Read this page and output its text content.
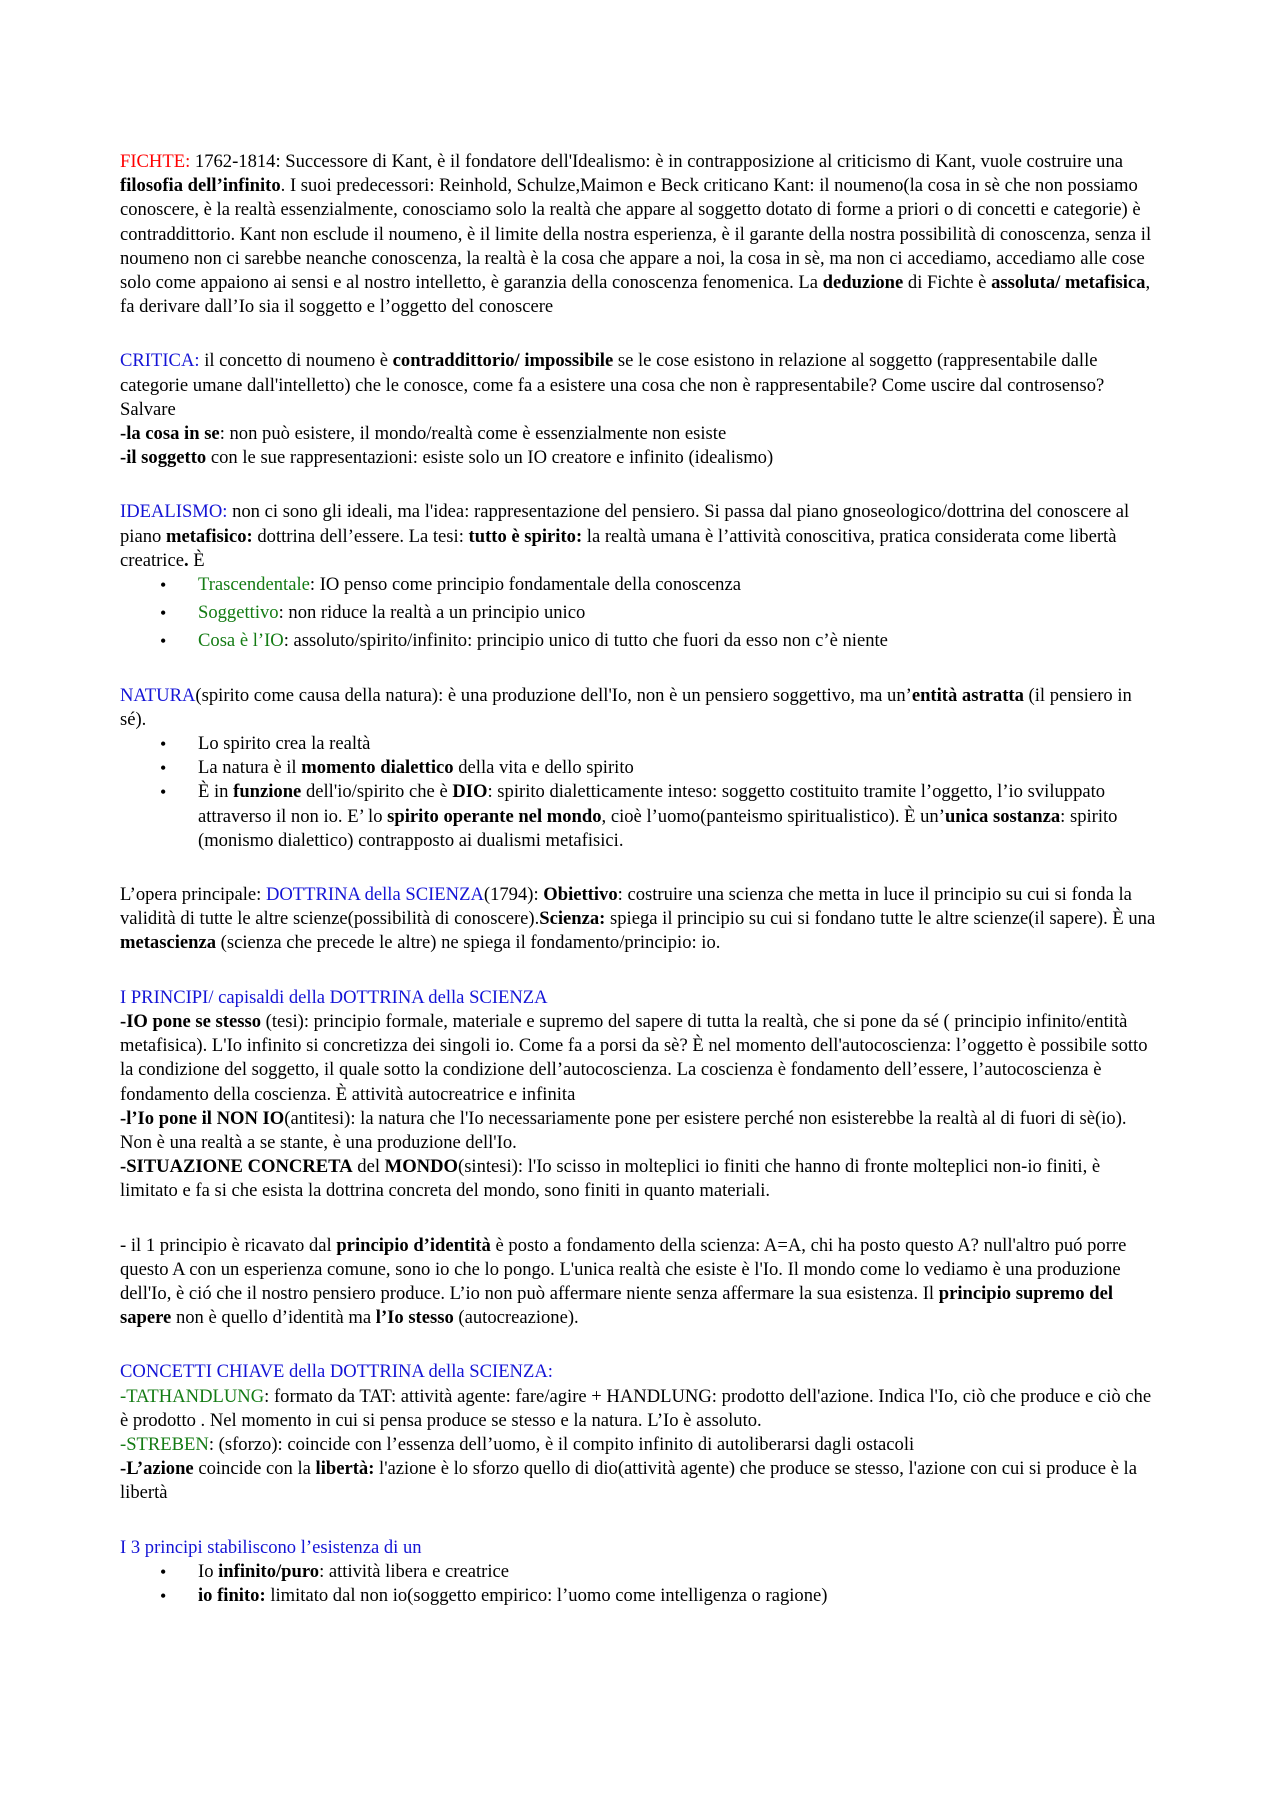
FICHTE: 1762-1814: Successore di Kant, è il fondatore dell'Idealismo: è in contrapposizione al criticismo di Kant, vuole costruire una filosofia dell’infinito. I suoi predecessori: Reinhold, Schulze,Maimon e Beck criticano Kant: il noumeno(la cosa in sè che non possiamo conoscere, è la realtà essenzialmente, conosciamo solo la realtà che appare al soggetto dotato di forme a priori o di concetti e categorie) è contraddittorio. Kant non esclude il noumeno, è il limite della nostra esperienza, è il garante della nostra possibilità di conoscenza, senza il noumeno non ci sarebbe neanche conoscenza, la realtà è la cosa che appare a noi, la cosa in sè, ma non ci accediamo, accediamo alle cose solo come appaiono ai sensi e al nostro intelletto, è garanzia della conoscenza fenomenica. La deduzione di Fichte è assoluta/ metafisica, fa derivare dall’Io sia il soggetto e l’oggetto del conoscere

CRITICA: il concetto di noumeno è contraddittorio/ impossibile se le cose esistono in relazione al soggetto (rappresentabile dalle categorie umane dall'intelletto) che le conosce, come fa a esistere una cosa che non è rappresentabile? Come uscire dal controsenso? Salvare

-la cosa in se: non può esistere, il mondo/realtà come è essenzialmente non esiste

-il soggetto con le sue rappresentazioni: esiste solo un IO creatore e infinito (idealismo)

IDEALISMO: non ci sono gli ideali, ma l'idea: rappresentazione del pensiero. Si passa dal piano gnoseologico/dottrina del conoscere al piano metafisico: dottrina dell’essere. La tesi: tutto è spirito: la realtà umana è l’attività conoscitiva, pratica considerata come libertà creatrice. È

• Trascendentale: IO penso come principio fondamentale della conoscenza
• Soggettivo: non riduce la realtà a un principio unico
• Cosa è l’IO: assoluto/spirito/infinito: principio unico di tutto che fuori da esso non c’è niente

NATURA(spirito come causa della natura): è una produzione dell'Io, non è un pensiero soggettivo, ma un’entità astratta (il pensiero in sé).

• Lo spirito crea la realtà
• La natura è il momento dialettico della vita e dello spirito
• È in funzione dell'io/spirito che è DIO: spirito dialetticamente inteso: soggetto costituito tramite l’oggetto, l’io sviluppato attraverso il non io. E’ lo spirito operante nel mondo, cioè l’uomo(panteismo spiritualistico). È un’unica sostanza: spirito (monismo dialettico) contrapposto ai dualismi metafisici.

L’opera principale: DOTTRINA della SCIENZA(1794): Obiettivo: costruire una scienza che metta in luce il principio su cui si fonda la validità di tutte le altre scienze(possibilità di conoscere).Scienza: spiega il principio su cui si fondano tutte le altre scienze(il sapere). È una metascienza (scienza che precede le altre) ne spiega il fondamento/principio: io.

I PRINCIPI/ capisaldi della DOTTRINA della SCIENZA

-IO pone se stesso (tesi): principio formale, materiale e supremo del sapere di tutta la realtà, che si pone da sé ( principio infinito/entità metafisica). L'Io infinito si concretizza dei singoli io. Come fa a porsi da sè? È nel momento dell'autocoscienza: l’oggetto è possibile sotto la condizione del soggetto, il quale sotto la condizione dell’autocoscienza. La coscienza è fondamento dell’essere, l’autocoscienza è fondamento della coscienza. È attività autocreatrice e infinita

-l’Io pone il NON IO(antitesi): la natura che l'Io necessariamente pone per esistere perché non esisterebbe la realtà al di fuori di sè(io). Non è una realtà a se stante, è una produzione dell'Io.

-SITUAZIONE CONCRETA del MONDO(sintesi): l'Io scisso in molteplici io finiti che hanno di fronte molteplici non-io finiti, è limitato e fa si che esista la dottrina concreta del mondo, sono finiti in quanto materiali.

- il 1 principio è ricavato dal principio d’identità è posto a fondamento della scienza: A=A, chi ha posto questo A? null'altro puó porre questo A con un esperienza comune, sono io che lo pongo. L'unica realtà che esiste è l'Io. Il mondo come lo vediamo è una produzione dell'Io, è ció che il nostro pensiero produce. L’io non può affermare niente senza affermare la sua esistenza. Il principio supremo del sapere non è quello d’identità ma l’Io stesso (autocreazione).

CONCETTI CHIAVE della DOTTRINA della SCIENZA:

-TATHANDLUNG: formato da TAT: attività agente: fare/agire + HANDLUNG: prodotto dell'azione. Indica l'Io, ciò che produce e ciò che è prodotto . Nel momento in cui si pensa produce se stesso e la natura. L’Io è assoluto.

-STREBEN: (sforzo): coincide con l’essenza dell’uomo, è il compito infinito di autoliberarsi dagli ostacoli

-L’azione coincide con la libertà: l'azione è lo sforzo quello di dio(attività agente) che produce se stesso, l'azione con cui si produce è la libertà

I 3 principi stabiliscono l’esistenza di un

• Io infinito/puro: attività libera e creatrice
• io finito: limitato dal non io(soggetto empirico: l’uomo come intelligenza o ragione)
